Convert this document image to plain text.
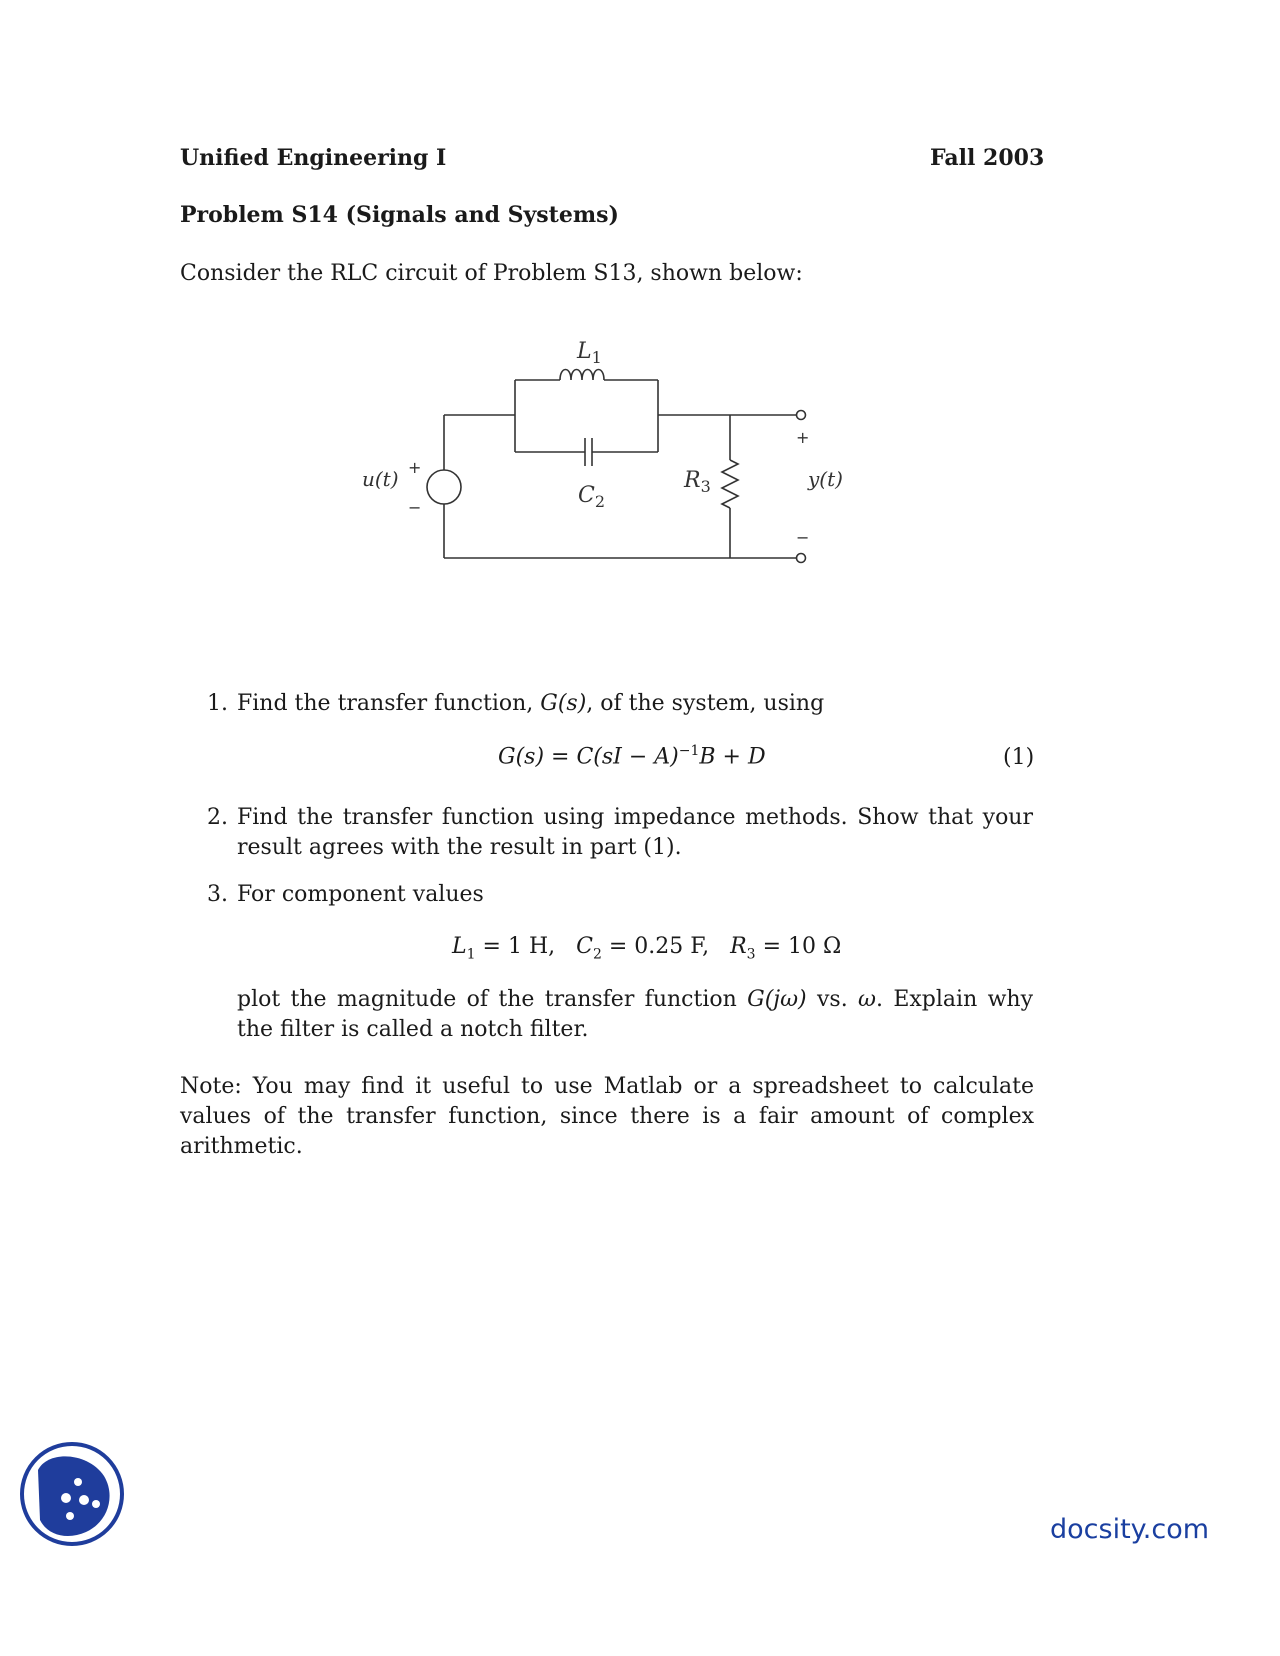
Unified Engineering I	Fall 2003
Problem S14 (Signals and Systems)
Consider the RLC circuit of Problem S13, shown below:
$L_1$
$C_2$
$R_3$
u(t)	y(t)
+
−
+
−
1. Find the transfer function, G(s), of the system, using
G(s) = C(sI − A)$^{-1}$B + D	(1)
2. Find the transfer function using impedance methods. Show that your result agrees with the result in part (1).
3. For component values
$L_1 = 1$ H, $C_2 = 0.25$ F, $R_3 = 10$ Ω
plot the magnitude of the transfer function G(jω) vs. ω. Explain why the filter is called a notch filter.
Note: You may find it useful to use Matlab or a spreadsheet to calculate values of the transfer function, since there is a fair amount of complex arithmetic.
docsity.com
